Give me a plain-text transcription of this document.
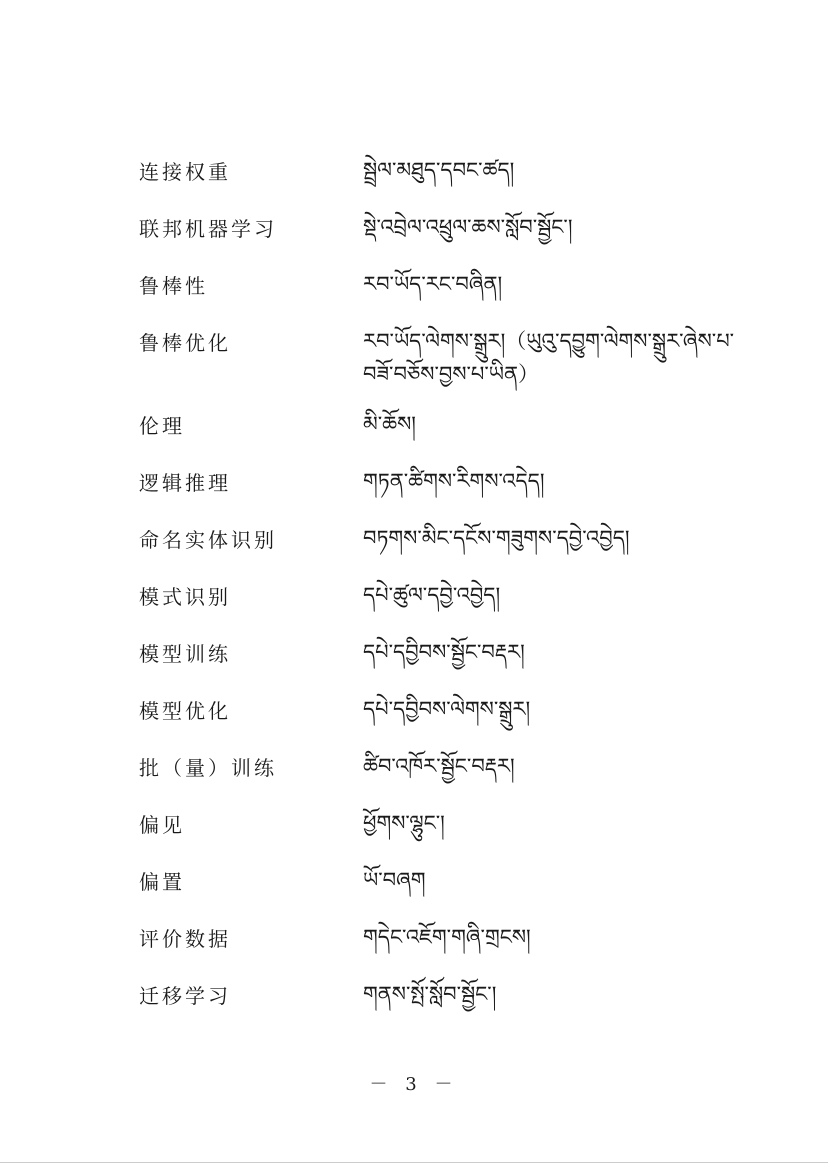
连接权重	སྦྲེལ་མཐུད་དབང་ཚད།
联邦机器学习	སྡེ་འབྲེལ་འཕྲུལ་ཆས་སློབ་སྦྱོང་།
鲁棒性	རབ་ཡོད་རང་བཞིན།
鲁棒优化	རབ་ཡོད་ལེགས་སྒྲུར།（ཡུའུ་དབྱུག་ལེགས་སྒྲུར་ཞེས་པ་བཟོ་བཅོས་བྱས་པ་ཡིན）
伦理	མི་ཆོས།
逻辑推理	གཏན་ཚིགས་རིགས་འདེད།
命名实体识别	བཏགས་མིང་དངོས་གཟུགས་དབྱེ་འབྱེད།
模式识别	དཔེ་ཚུལ་དབྱེ་འབྱེད།
模型训练	དཔེ་དབྱིབས་སྦྱོང་བརྡར།
模型优化	དཔེ་དབྱིབས་ལེགས་སྒྲུར།
批（量）训练	ཚིབ་འཁོར་སྦྱོང་བརྡར།
偏见	ཕྱོགས་ལྷུང་།
偏置	ཡོ་བཞག
评价数据	གདེང་འཇོག་གཞི་གྲངས།
迁移学习	གནས་སྤོ་སློབ་སྦྱོང་།
－ 3 －
